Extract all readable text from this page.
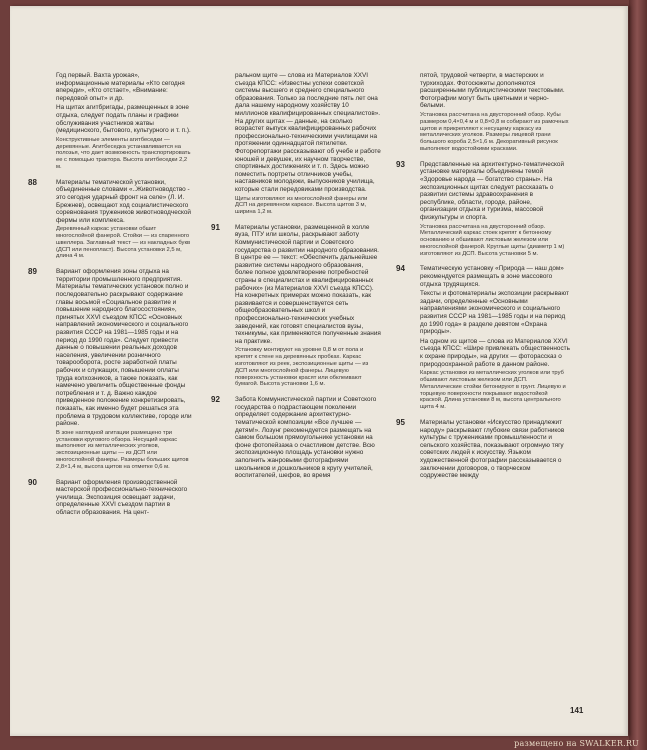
Год первый. Вахта урожая», информационные материалы «Кто сегодня впереди», «Кто отстает», «Внимание: передовой опыт» и др.

На щитах агитбригады, размещенных в зоне отдыха, следует подать планы и графики обслуживания участников жатвы (медицинского, бытового, культурного и т. п.).

Конструктивные элементы агитбеседки — деревянные. Агитбеседка устанавливается на полозья, что дает возможность транспортировать ее с помощью трактора. Высота агитбеседки 2,2 м.

88	Материалы тематической установки, объединенные словами «..Животноводство - это сегодня ударный фронт на селе» (Л. И. Брежнев), освещают ход социалистического соревнования тружеников животноводческой фермы или комплекса.

Деревянный каркас установки обшит многослойной фанерой. Стойки — из спаренного швеллера. Заглавный текст — из накладных букв (ДСП или пенопласт). Высота установки 2,5 м, длина 4 м.

89	Вариант оформления зоны отдыха на территории промышленного предприятия. Материалы тематических установок полно и последовательно раскрывают содержание главы восьмой «Социальное развитие и повышение народного благосостояния», принятых XXVI съездом КПСС «Основных направлений экономического и социального развития СССР на 1981—1985 годы и на период до 1990 года». Следует привести данные о повышении реальных доходов населения, увеличении розничного товарооборота, росте заработной платы рабочих и служащих, повышении оплаты труда колхозников, а также показать, как намечено увеличить общественные фонды потребления и т. д. Важно каждое приведенное положение конкретизировать, показать, как именно будет решаться эта проблема в трудовом коллективе, городе или районе.

В зоне наглядной агитации размещено три установки кругового обзора. Несущий каркас выполняют из металлических уголков, экспозиционные щиты — из ДСП или многослойной фанеры. Размеры больших щитов 2,8×1,4 м, высота щитов на отметке 0,6 м.

90	Вариант оформления производственной мастерской профессионально-технического училища. Экспозиция освещает задачи, определенные XXVI съездом партии в области образования. На цент-

ральном щите — слова из Материалов XXVI съезда КПСС: «Известны успехи советской системы высшего и среднего специального образования. Только за последние пять лет она дала нашему народному хозяйству 10 миллионов квалифицированных специалистов». На других щитах — данные, на сколько возрастет выпуск квалифицированных рабочих профессионально-техническими училищами на протяжении одиннадцатой пятилетки. Фоторепортажи рассказывают об учебе и работе юношей и девушек, их научном творчестве, спортивных достижениях и т. п. Здесь можно поместить портреты отличников учебы, наставников молодежи, выпускников училища, которые стали передовиками производства.

Щиты изготовляют из многослойной фанеры или ДСП на деревянном каркасе. Высота щитов 3 м, ширина 1,2 м.

91 Материалы установки, размещенной в холле вуза, ПТУ или школы, раскрывают заботу Коммунистической партии и Советского государства о развитии народного образования. В центре ее — текст: «Обеспечить дальнейшее развитие системы народного образования, более полное удовлетворение потребностей страны в специалистах и квалифицированных рабочих» (из Материалов XXVI съезда КПСС). На конкретных примерах можно показать, как развивается и совершенствуется сеть общеобразовательных школ и профессионально-технических учебных заведений, как готовят специалистов вузы, техникумы, как применяются полученные знания на практике.

Установку монтируют на уровне 0,8 м от пола и крепят к стене на деревянных пробках. Каркас изготовляют из реек, экспозиционные щиты — из ДСП или многослойной фанеры. Лицевую поверхность установки красят или обклеивают бумагой. Высота установки 1,6 м.

92 Забота Коммунистической партии и Советского государства о подрастающем поколении определяет содержание архитектурно-тематической композиции «Все лучшее — детям!». Лозунг рекомендуется размещать на самом большом прямоугольнике установки на фоне фотопейзажа о счастливом детстве. Всю экспозиционную площадь установки нужно заполнить жанровыми фотографиями школьников и дошкольников в кругу учителей, воспитателей, шефов, во время

пятой, трудовой четверти, в мастерских и турхиходах. Фотосюжеты дополняются расширенными публицистическими текстовыми. Фотографии могут быть цветными и черно-белыми.

Установка рассчитана на двусторонний обзор. Кубы размером 0,4×0,4 м и 0,8×0,8 м собирают из рамочных щитов и прикрепляют к несущему каркасу из металлических уголков. Размеры лицевой грани большого короба 2,5×1,6 м. Декоративный рисунок выполняют водостойкими красками.

93 Представленные на архитектурно-тематической установке материалы объединены темой «Здоровье народа — богатство страны». На экспозиционных щитах следует рассказать о развитии системы здравоохранения в республике, области, городе, районе, организации отдыха и туризма, массовой физкультуры и спорта.

Установка рассчитана на двусторонний обзор. Металлический каркас стоек крепят к бетонному основанию и обшивают листовым железом или многослойной фанерой. Круглые щиты (диаметр 1 м) изготовляют из ДСП. Высота установки 5 м.

94 Тематическую установку «Природа — наш дом» рекомендуется размещать в зоне массового отдыха трудящихся.

Тексты и фотоматериалы экспозиции раскрывают задачи, определенные «Основными направлениями экономического и социального развития СССР на 1981—1985 годы и на период до 1990 года» в разделе девятом «Охрана природы».

На одном из щитов — слова из Материалов XXVI съезда КПСС: «Шире привлекать общественность к охране природы», на других — фоторассказ о природоохранной работе в данном районе.

Каркас установки из металлических уголков или труб обшивают листовым железом или ДСП. Металлические стойки бетонируют в грунт. Лицевую и торцевую поверхности покрывают водостойкой краской. Длина установки 8 м, высота центрального щита 4 м.

95 Материалы установки «Искусство принадлежит народу» раскрывают глубокие связи работников культуры с тружениками промышленности и сельского хозяйства, показывают огромную тягу советских людей к искусству. Языком художественной фотографии рассказывается о заключении договоров, о творческом содружестве между

141
размещено на SWALKER.RU
